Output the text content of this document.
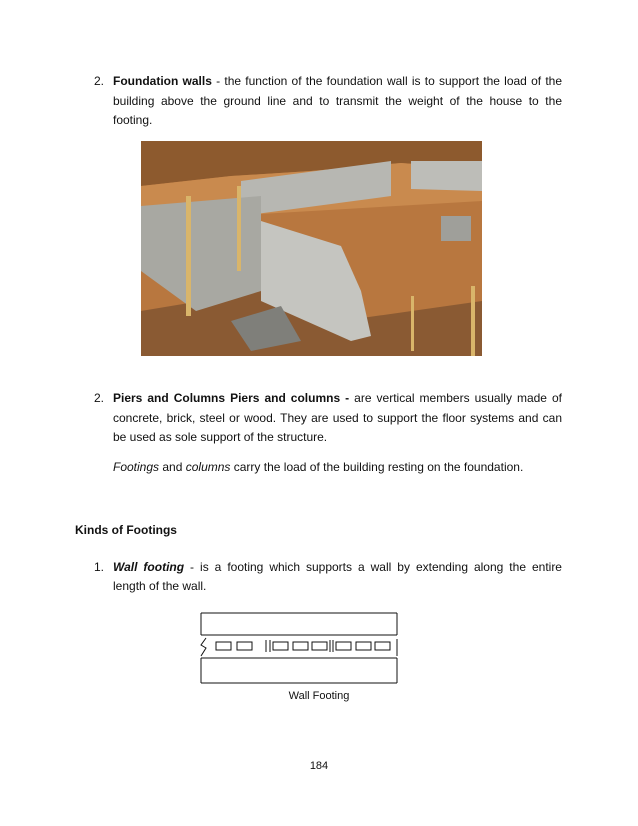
2. Foundation walls - the function of the foundation wall is to support the load of the
building above the ground line and to transmit the weight of the house to the
footing.
2. Piers and Columns Piers and columns - are vertical members usually made of
concrete, brick, steel or wood. They are used to support the floor systems and can
be used as sole support of the structure.
Footings and columns carry the load of the building resting on the foundation.
Kinds of Footings
1. Wall footing - is a footing which supports a wall by extending along the entire
length of the wall.
Wall Footing
184
